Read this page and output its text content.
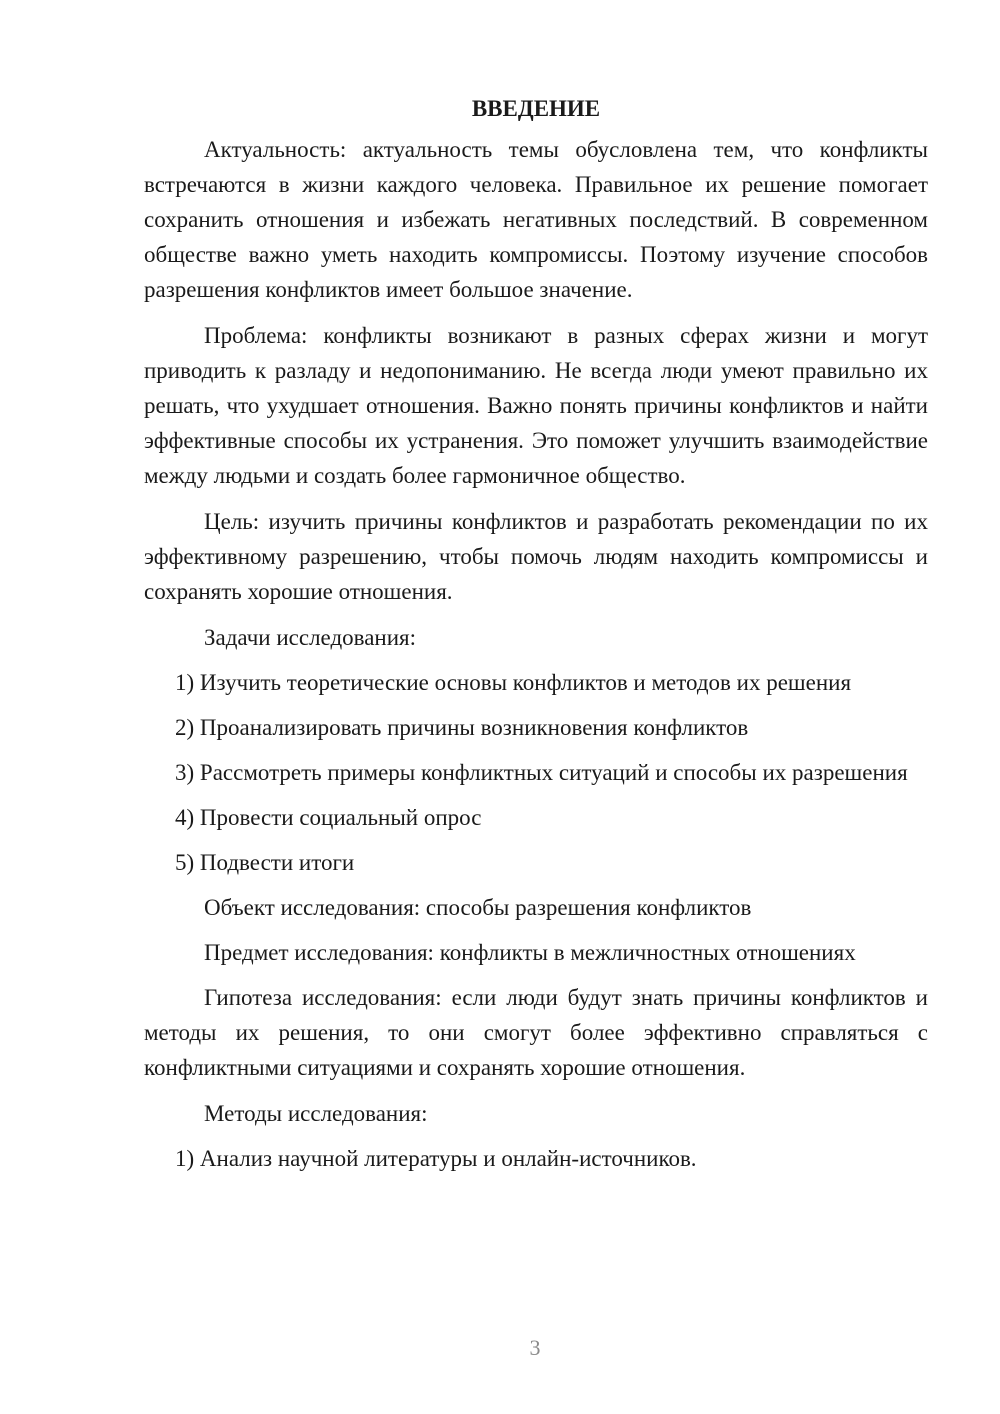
ВВЕДЕНИЕ

Актуальность: актуальность темы обусловлена тем, что конфликты встречаются в жизни каждого человека. Правильное их решение помогает сохранить отношения и избежать негативных последствий. В современном обществе важно уметь находить компромиссы. Поэтому изучение способов разрешения конфликтов имеет большое значение.

Проблема: конфликты возникают в разных сферах жизни и могут приводить к разладу и недопониманию. Не всегда люди умеют правильно их решать, что ухудшает отношения. Важно понять причины конфликтов и найти эффективные способы их устранения. Это поможет улучшить взаимодействие между людьми и создать более гармоничное общество.

Цель: изучить причины конфликтов и разработать рекомендации по их эффективному разрешению, чтобы помочь людям находить компромиссы и сохранять хорошие отношения.

Задачи исследования:

1) Изучить теоретические основы конфликтов и методов их решения

2) Проанализировать причины возникновения конфликтов

3) Рассмотреть примеры конфликтных ситуаций и способы их разрешения

4) Провести социальный опрос

5) Подвести итоги

Объект исследования: способы разрешения конфликтов

Предмет исследования: конфликты в межличностных отношениях

Гипотеза исследования: если люди будут знать причины конфликтов и методы их решения, то они смогут более эффективно справляться с конфликтными ситуациями и сохранять хорошие отношения.

Методы исследования:

1) Анализ научной литературы и онлайн-источников.

3
